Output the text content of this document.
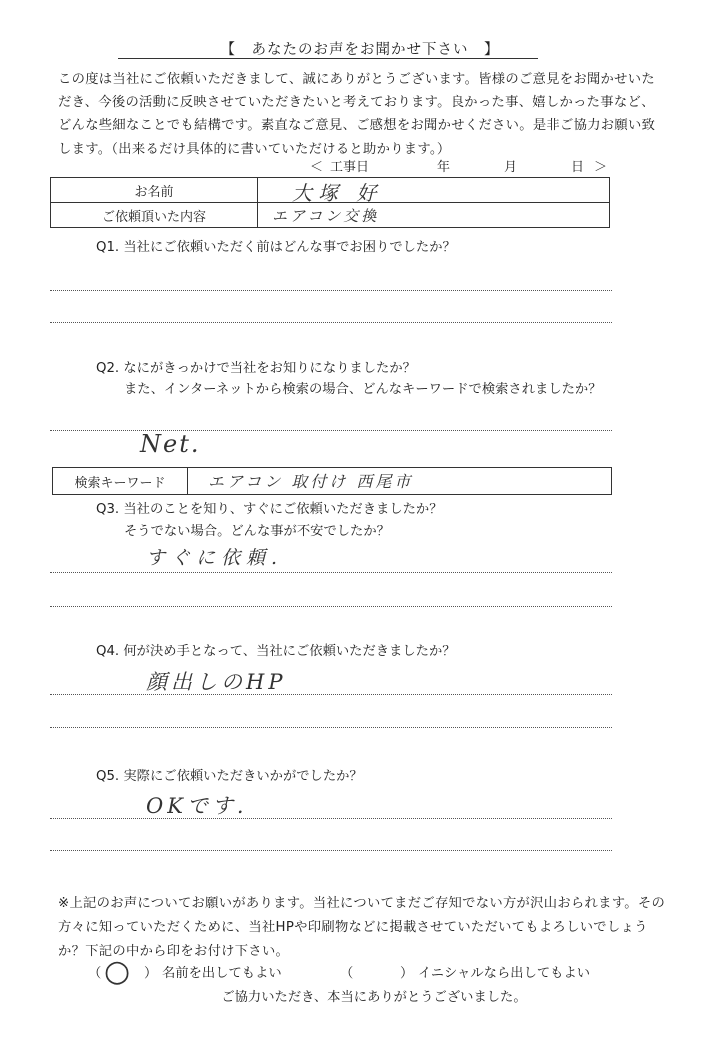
【　あなたのお声をお聞かせ下さい　】
この度は当社にご依頼いただきまして、誠にありがとうございます。皆様のご意見をお聞かせいただき、今後の活動に反映させていただきたいと考えております。良かった事、嬉しかった事など、どんな些細なことでも結構です。素直なご意見、ご感想をお聞かせください。是非ご協力お願い致します。（出来るだけ具体的に書いていただけると助かります。）
＜ 工事日	年	月	日 ＞
お名前	大塚 好

ご依頼頂いた内容	エアコン交換
Q1. 当社にご依頼いただく前はどんな事でお困りでしたか？
Q2. なにがきっかけで当社をお知りになりましたか？
また、インターネットから検索の場合、どんなキーワードで検索されましたか？
Net.
検索キーワード	エアコン 取付け 西尾市
Q3. 当社のことを知り、すぐにご依頼いただきましたか？
そうでない場合。どんな事が不安でしたか？
すぐに依頼.
Q4. 何が決め手となって、当社にご依頼いただきましたか？
顔出しのHP
Q5. 実際にご依頼いただきいかがでしたか？
OKです.
※上記のお声についてお願いがあります。当社についてまだご存知でない方が沢山おられます。その方々に知っていただくために、当社HPや印刷物などに掲載させていただいてもよろしいでしょうか？下記の中から印をお付け下さい。
（ ○ ） 名前を出してもよい	（	） イニシャルなら出してもよい
ご協力いただき、本当にありがとうございました。
